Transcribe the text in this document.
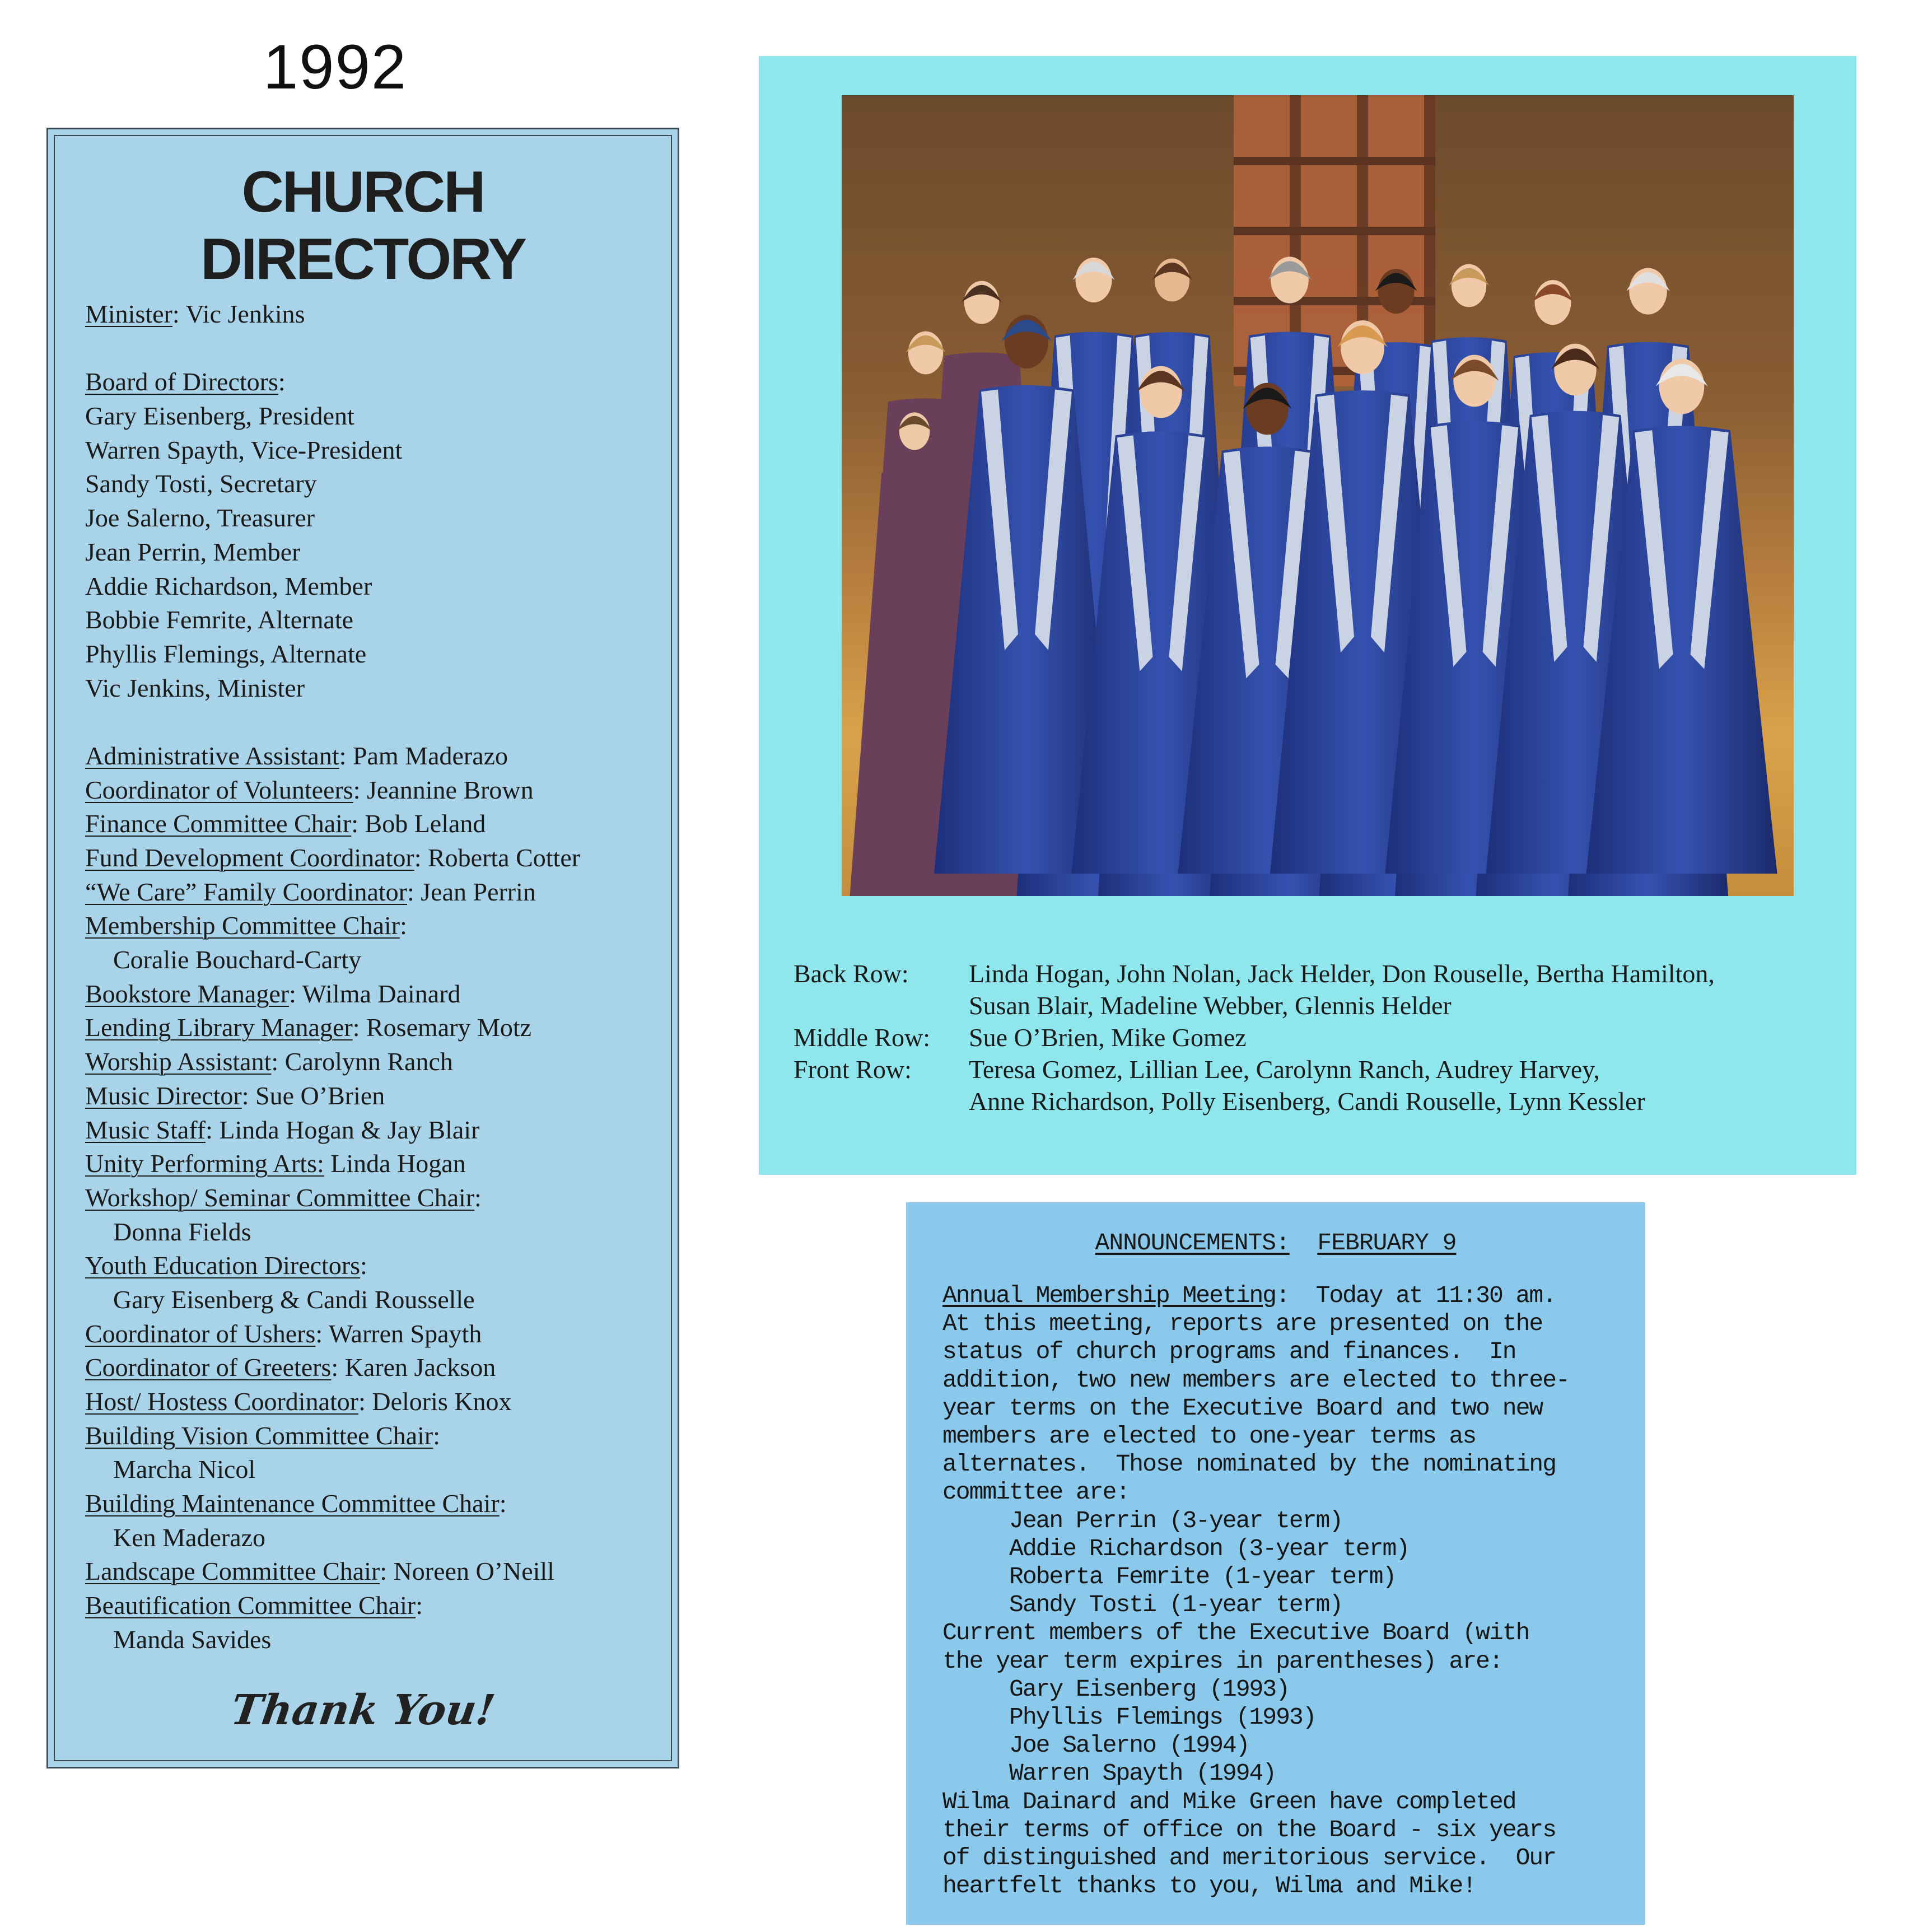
1992
CHURCH
DIRECTORY
Minister: Vic Jenkins
Board of Directors:
Gary Eisenberg, President
Warren Spayth, Vice-President
Sandy Tosti, Secretary
Joe Salerno, Treasurer
Jean Perrin, Member
Addie Richardson, Member
Bobbie Femrite, Alternate
Phyllis Flemings, Alternate
Vic Jenkins, Minister
Administrative Assistant: Pam Maderazo
Coordinator of Volunteers: Jeannine Brown
Finance Committee Chair: Bob Leland
Fund Development Coordinator: Roberta Cotter
“We Care” Family Coordinator: Jean Perrin
Membership Committee Chair:
Coralie Bouchard-Carty
Bookstore Manager: Wilma Dainard
Lending Library Manager: Rosemary Motz
Worship Assistant: Carolynn Ranch
Music Director: Sue O’Brien
Music Staff: Linda Hogan & Jay Blair
Unity Performing Arts: Linda Hogan
Workshop/ Seminar Committee Chair:
Donna Fields
Youth Education Directors:
Gary Eisenberg & Candi Rousselle
Coordinator of Ushers: Warren Spayth
Coordinator of Greeters: Karen Jackson
Host/ Hostess Coordinator: Deloris Knox
Building Vision Committee Chair:
Marcha Nicol
Building Maintenance Committee Chair:
Ken Maderazo
Landscape Committee Chair: Noreen O’Neill
Beautification Committee Chair:
Manda Savides
Thank You!
Back Row: Linda Hogan, John Nolan, Jack Helder, Don Rouselle, Bertha Hamilton,
Susan Blair, Madeline Webber, Glennis Helder
Middle Row: Sue O’Brien, Mike Gomez
Front Row: Teresa Gomez, Lillian Lee, Carolynn Ranch, Audrey Harvey,
Anne Richardson, Polly Eisenberg, Candi Rouselle, Lynn Kessler
ANNOUNCEMENTS: FEBRUARY 9
Annual Membership Meeting:  Today at 11:30 am.
At this meeting, reports are presented on the
status of church programs and finances.  In
addition, two new members are elected to three-
year terms on the Executive Board and two new
members are elected to one-year terms as
alternates.  Those nominated by the nominating
committee are:
Jean Perrin (3-year term)
Addie Richardson (3-year term)
Roberta Femrite (1-year term)
Sandy Tosti (1-year term)
Current members of the Executive Board (with
the year term expires in parentheses) are:
Gary Eisenberg (1993)
Phyllis Flemings (1993)
Joe Salerno (1994)
Warren Spayth (1994)
Wilma Dainard and Mike Green have completed
their terms of office on the Board - six years
of distinguished and meritorious service.  Our
heartfelt thanks to you, Wilma and Mike!
